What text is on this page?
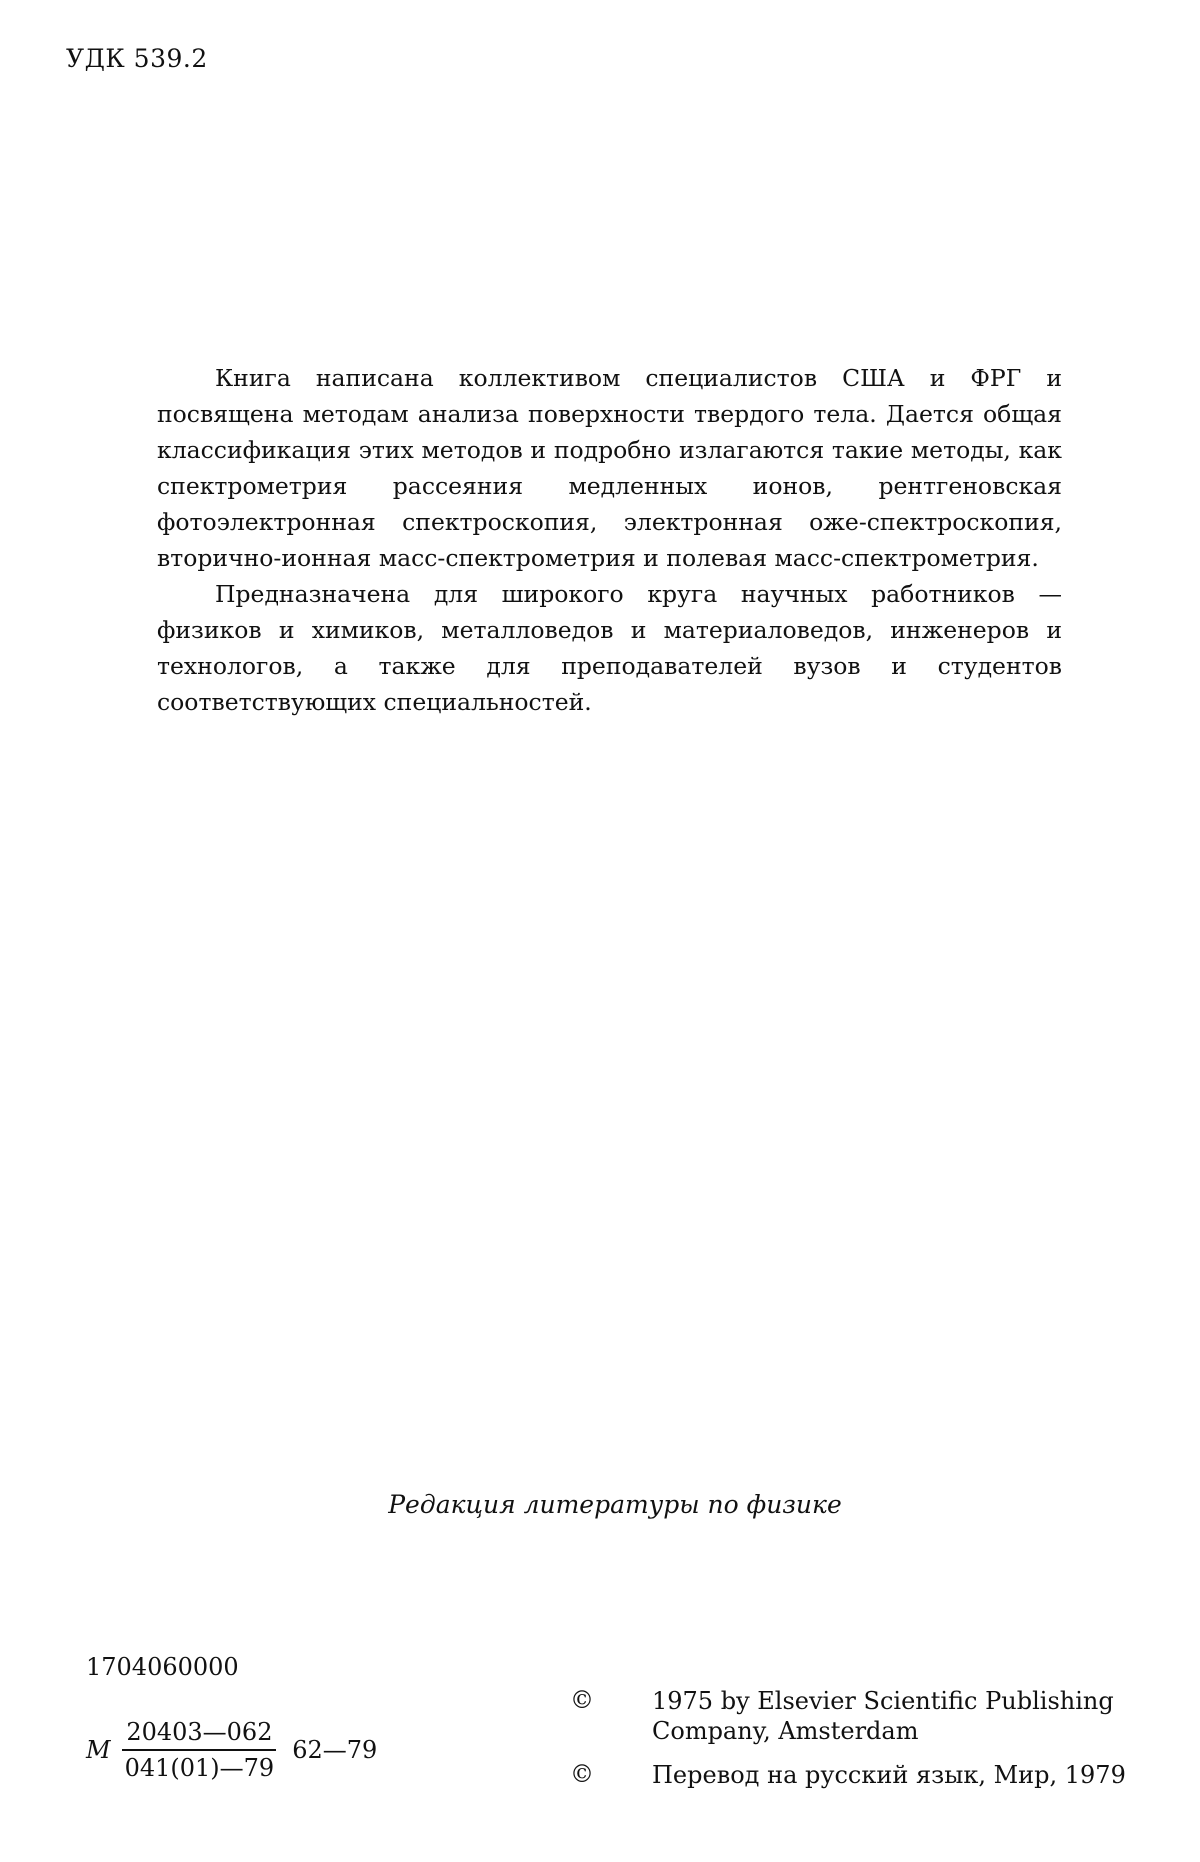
УДК 539.2

Книга написана коллективом специалистов США и ФРГ и посвящена методам анализа поверхности твердого тела. Дается общая классификация этих методов и подробно излагаются такие методы, как спектрометрия рассеяния медленных ионов, рентгеновская фотоэлектронная спектроскопия, электронная оже-спектроскопия, вторично-ионная масс-спектрометрия и полевая масс-спектрометрия.

Предназначена для широкого круга научных работников — физиков и химиков, металловедов и материаловедов, инженеров и технологов, а также для преподавателей вузов и студентов соответствующих специальностей.

Редакция литературы по физике
1704060000
М $\frac{20403—062}{041(01)—79}$ 62—79
©	1975 by Elsevier Scientific Publishing Company, Amsterdam
©	Перевод на русский язык, Мир, 1979
